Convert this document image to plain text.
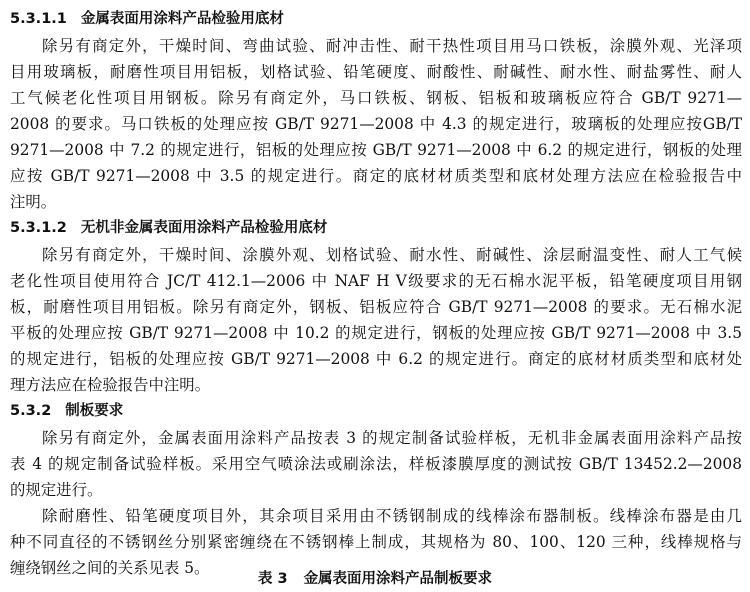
5.3.1.1 金属表面用涂料产品检验用底材
除另有商定外，干燥时间、弯曲试验、耐冲击性、耐干热性项目用马口铁板，涂膜外观、光泽项
目用玻璃板，耐磨性项目用铝板，划格试验、铅笔硬度、耐酸性、耐碱性、耐水性、耐盐雾性、耐人
工气候老化性项目用钢板。除另有商定外，马口铁板、钢板、铝板和玻璃板应符合 GB/T 9271—
2008 的要求。马口铁板的处理应按 GB/T 9271—2008 中 4.3 的规定进行，玻璃板的处理应按GB/T
9271—2008 中 7.2 的规定进行，铝板的处理应按 GB/T 9271—2008 中 6.2 的规定进行，钢板的处理
应按 GB/T 9271—2008 中 3.5 的规定进行。商定的底材材质类型和底材处理方法应在检验报告中
注明。
5.3.1.2 无机非金属表面用涂料产品检验用底材
除另有商定外，干燥时间、涂膜外观、划格试验、耐水性、耐碱性、涂层耐温变性、耐人工气候
老化性项目使用符合 JC/T 412.1—2006 中 NAF H Ⅴ级要求的无石棉水泥平板，铅笔硬度项目用钢
板，耐磨性项目用铝板。除另有商定外，钢板、铝板应符合 GB/T 9271—2008 的要求。无石棉水泥
平板的处理应按 GB/T 9271—2008 中 10.2 的规定进行，钢板的处理应按 GB/T 9271—2008 中 3.5
的规定进行，铝板的处理应按 GB/T 9271—2008 中 6.2 的规定进行。商定的底材材质类型和底材处
理方法应在检验报告中注明。
5.3.2 制板要求
除另有商定外，金属表面用涂料产品按表 3 的规定制备试验样板，无机非金属表面用涂料产品按
表 4 的规定制备试验样板。采用空气喷涂法或刷涂法，样板漆膜厚度的测试按 GB/T 13452.2—2008
的规定进行。
除耐磨性、铅笔硬度项目外，其余项目采用由不锈钢制成的线棒涂布器制板。线棒涂布器是由几
种不同直径的不锈钢丝分别紧密缠绕在不锈钢棒上制成，其规格为 80、100、120 三种，线棒规格与
缠绕钢丝之间的关系见表 5。
表 3 金属表面用涂料产品制板要求
